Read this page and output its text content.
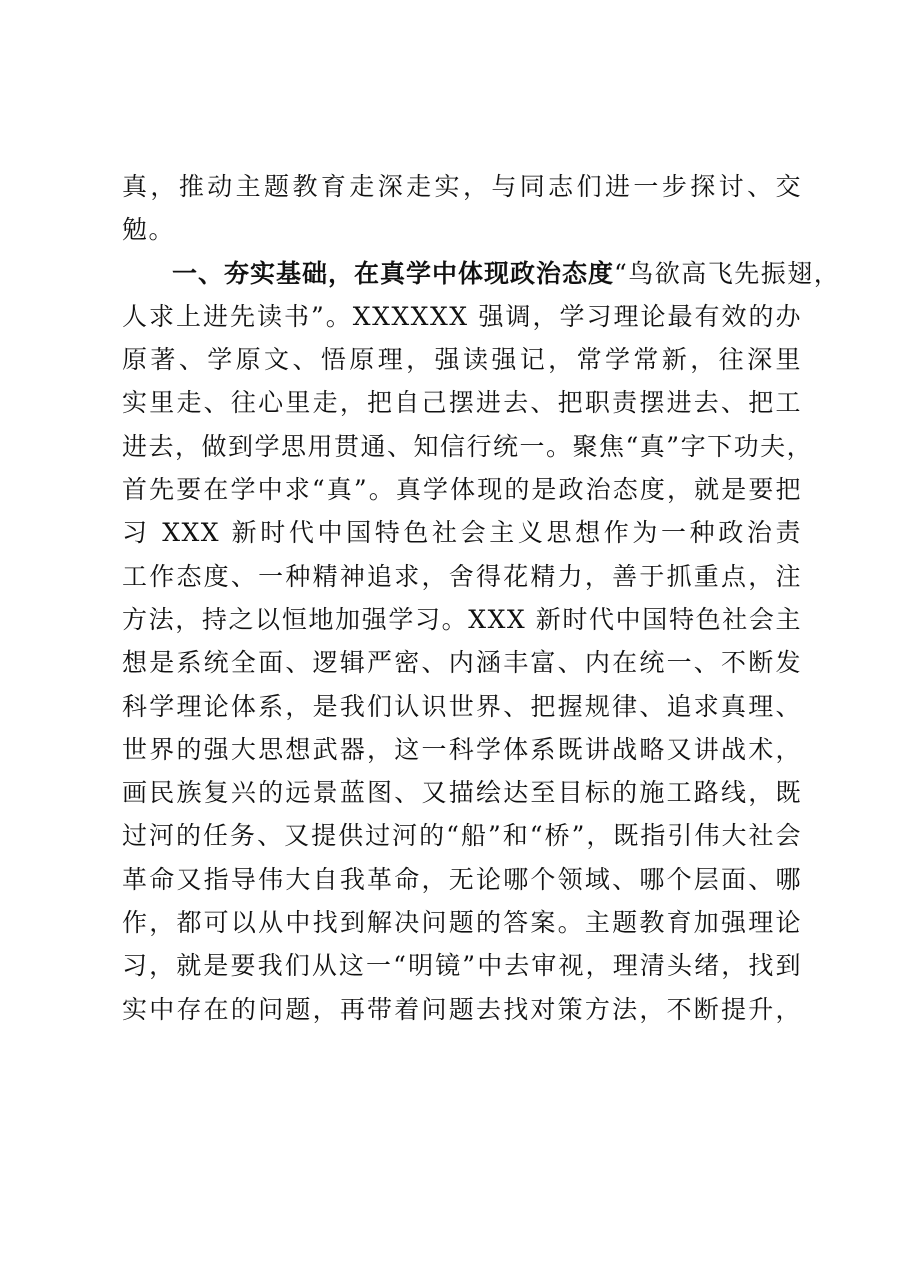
真，推动主题教育走深走实，与同志们进一步探讨、交
勉。
一、夯实基础，在真学中体现政治态度“鸟欲高飞先振翅，
人求上进先读书”。XXXXXX 强调，学习理论最有效的办
原著、学原文、悟原理，强读强记，常学常新，往深里
实里走、往心里走，把自己摆进去、把职责摆进去、把工
进去，做到学思用贯通、知信行统一。聚焦“真”字下功夫，
首先要在学中求“真”。真学体现的是政治态度，就是要把
习 XXX 新时代中国特色社会主义思想作为一种政治责
工作态度、一种精神追求，舍得花精力，善于抓重点，注
方法，持之以恒地加强学习。XXX 新时代中国特色社会主
想是系统全面、逻辑严密、内涵丰富、内在统一、不断发
科学理论体系，是我们认识世界、把握规律、追求真理、
世界的强大思想武器，这一科学体系既讲战略又讲战术，
画民族复兴的远景蓝图、又描绘达至目标的施工路线，既
过河的任务、又提供过河的“船”和“桥”，既指引伟大社会
革命又指导伟大自我革命，无论哪个领域、哪个层面、哪
作，都可以从中找到解决问题的答案。主题教育加强理论
习，就是要我们从这一“明镜”中去审视，理清头绪，找到
实中存在的问题，再带着问题去找对策方法，不断提升，
